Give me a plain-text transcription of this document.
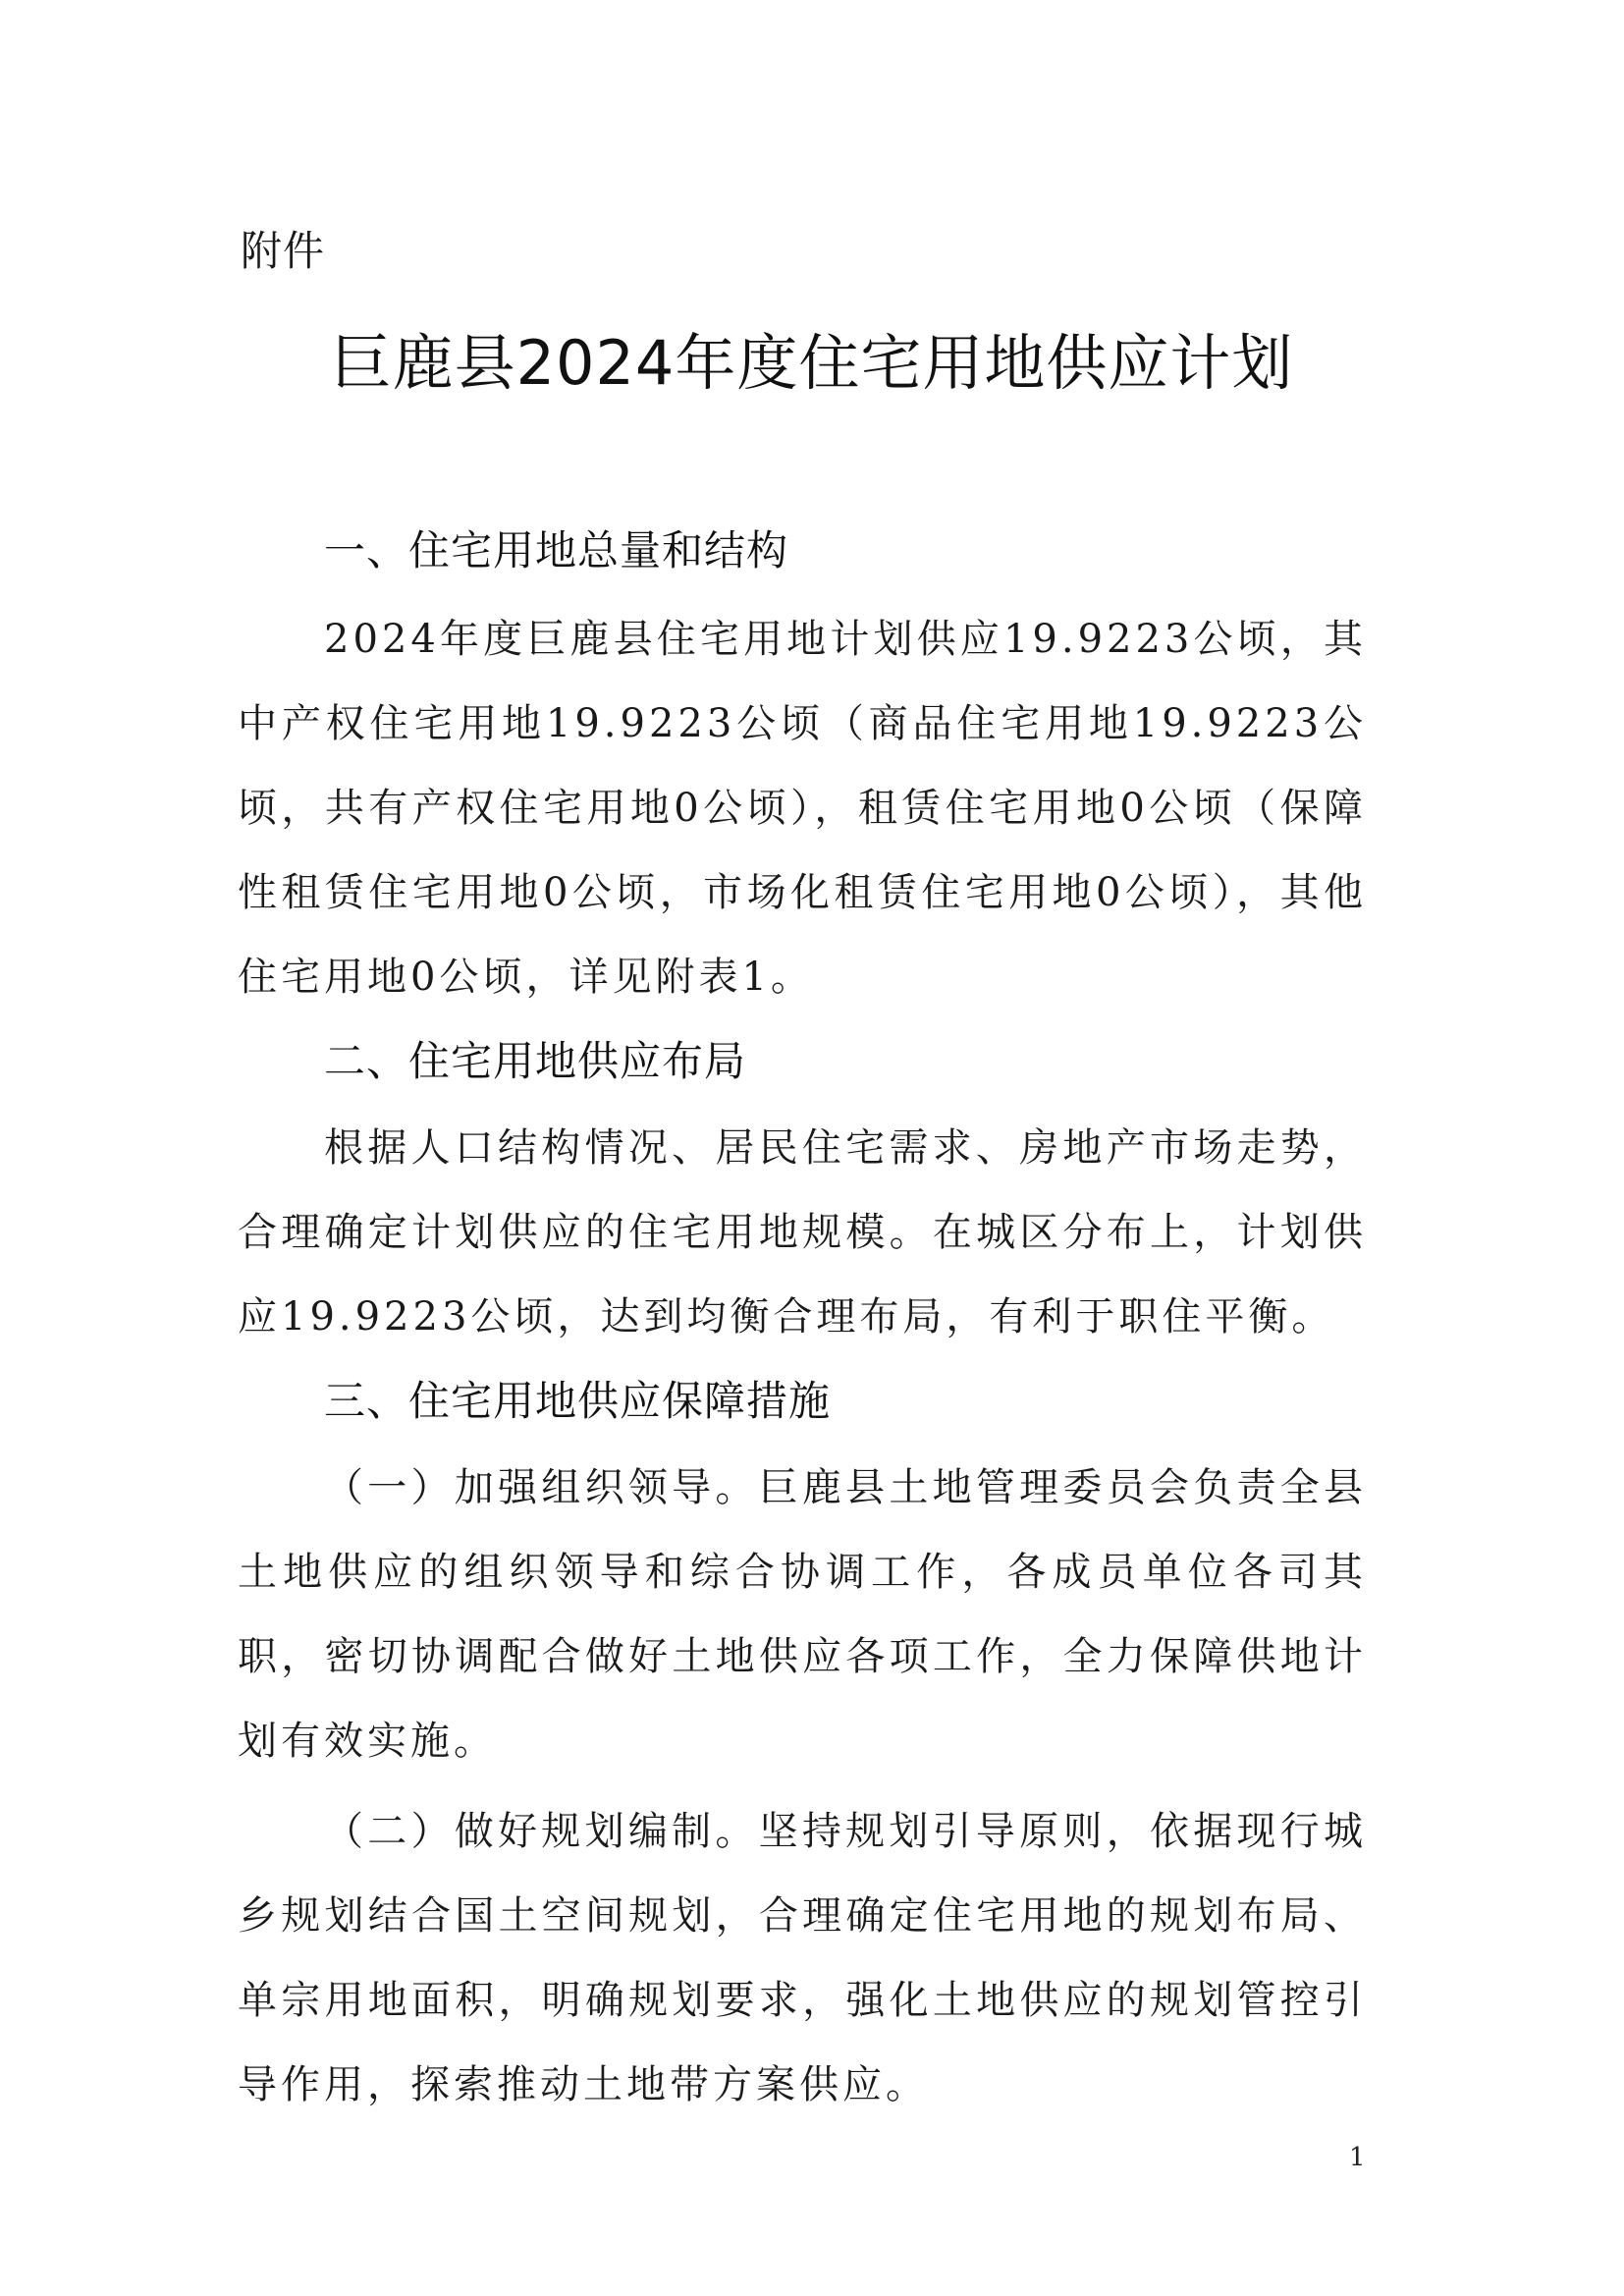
附件
巨鹿县2024年度住宅用地供应计划
一、住宅用地总量和结构

2024年度巨鹿县住宅用地计划供应19.9223公顷，其中产权住宅用地19.9223公顷（商品住宅用地19.9223公顷，共有产权住宅用地0公顷），租赁住宅用地0公顷（保障性租赁住宅用地0公顷，市场化租赁住宅用地0公顷），其他住宅用地0公顷，详见附表1。

二、住宅用地供应布局

根据人口结构情况、居民住宅需求、房地产市场走势，合理确定计划供应的住宅用地规模。在城区分布上，计划供应19.9223公顷，达到均衡合理布局，有利于职住平衡。

三、住宅用地供应保障措施

（一）加强组织领导。巨鹿县土地管理委员会负责全县土地供应的组织领导和综合协调工作，各成员单位各司其职，密切协调配合做好土地供应各项工作，全力保障供地计划有效实施。

（二）做好规划编制。坚持规划引导原则，依据现行城乡规划结合国土空间规划，合理确定住宅用地的规划布局、单宗用地面积，明确规划要求，强化土地供应的规划管控引导作用，探索推动土地带方案供应。

1
